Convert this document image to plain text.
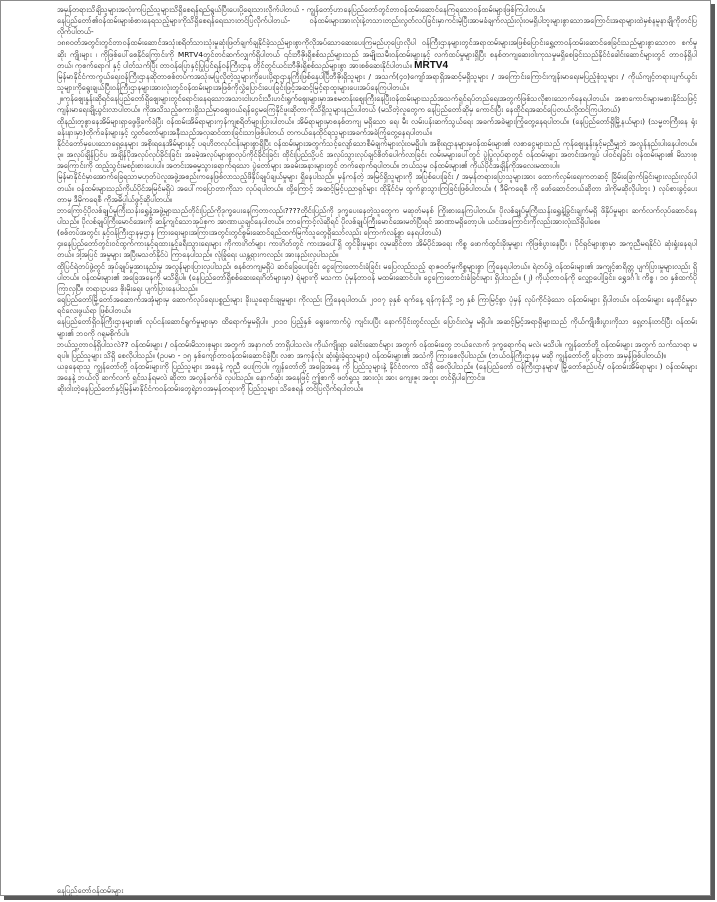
အမှန်တရားသိချိသူများအလုံးကပြည်သူများသိရှိစေရန်ရည်ရွယ်ပြီးပေးပို့ရေးသားလိုက်ပါတယ် - ကျွန်တော့်ဟာနေပြည်တော်တွင်တာဝန်ထမ်းဆောင်နေကြရသောဝန်ထမ်းများဖြစ်ကြပါတယ်။

နေပြည်တော်၏ဝန်ထမ်းများစံစားနေရသည့်များကိုသိရှိစေရန်ရေးသားတင်ပြလိုက်ပါတယ်- ဝန်ထမ်းများအားလုံးနဲ့တသားတည်းလွတ်လပ်ခြင်းမှာကင်းမဲ့ပြီးအာမခံချက်လည်းလုံးဝမရှိပါဘူးများစွာသောအကြောင်းအရာများထဲမှစံနမူနာချိုကိုတင်ပြလိုက်ပါတယ်-

၁၈၈ဝတ်အတွင်းတွင်တာဝန်ထမ်းဆောင်အသုံးစရိတ်သားသုံးမှုဆုံးဖြတ်ချက်ချနိုင်ခဲ့သည်များစွာကိုလိုအပ်သောဆေးပေးကြမည်ဟုပြောလိုပါ ဝန်ကြီးဌာနများတွင်အရာထမ်းများအဖြစ်ပြောင်းရွှေ့တာဝန်ထမ်းဆောင်စေခြင်းသည်များစွာသောတ စက်မှုဆိုး ကျိုးများ ၊ ကိုဖြစ်ပေါ်စေနိုင်ကြောင်းကို MRTV4တွင်တင်ဆက်လျှက်ရှိပါတယ် ၎င်းဘီဇိုးရှိစစ်သည်များသည် အမျိုးသမီးဝန်ထမ်းများနှင့် လက်ထပ်မှုများရှိပြီး စနစ်တကျဆေးဝါးကုသမှုမရှိစေခြင်းသည်နိုင်ငံခေါင်းဆောင်များတွင် တာဝန်ရှိပါတယ်၊ ကုစက်ရောဂါ နှင့် ပါတ်သက်ပြီး တာဝန်ပြောနှင့်ပြုပြင်ရန်ဝန်ကြီးဌာန တိုင်တွင်ယင်းဘီဇိုးရှိစစ်သည်များစွာ အားစစ်ဆေးနိုင်ပါတယ်။ MRTV4

မြန်မာနိုင်ငံကာကွယ်ရေးဝန်ကြီးဌာနဆိုတာစစ်တပ်ကအသုံးမပြုလိုတဲ့သူများကိုပေးပို့ရာဌာနကြီးဖြစ်နေပါပြီဘီဇိုးရှိသူများ / အသက်(၄၀)ကျော်အရာရှိအဆင့်မရှိသူများ / အကြောင်းကြောင်းကျန်းမာရေးမပြည့်စုံသူများ / ကိုယ်ကျင့်တရားပျက်ယွင်းသူများကိုရွေးချယ်ပြီးဝန်ကြီးဌာနများအားလုံးတွင်ဝန်ထမ်းများအဖြစ်ကိုလွှဲပြောင်းပေးခြင်းဖြင့်အဆင့်မြင့်ရာထူးများပေးအပ်နေကြပါတယ်။

၂။ကုန်ဈေးနှုန်းဆိုရင်နေပြည်တော်ရှိဈေးများတွင်ရောင်းနေရသောအသားငါးဟင်းသီးဟင်းရွက်ဈေးများမှာအစမတန်းဈေးကြီးနေပြီးဝန်ထမ်းများသည်အသက်ရှင်ရပ်တည်ရေးအတွက်ဖြစ်သလိုစားသောက်နေရပါတယ်။ အစာကောင်းများမစားနိုင်သဖြင့်ကျန်းမာရေးချို့ယွင်းလာပါတယ်။ ကိုအသိသည့်စကားရှိသည်မှာဈေးဝယ်ရန်ငွေမကြေနိုင်ဖူးဆိုတာကိုသိရှိသူများနည်းပါတယ် (မသိတဲ့လူတွေက နေပြည်တော်ဆိုမှ ကောင်းပြီး နေထိုင်ရအဆင်ပြေတယ်လို့ထင်ကြပါတယ်)

ထိုနည်းတူစွာနေအိမ်များရှာဖွေဖို့ခက်ခဲပြီး ဝန်ထမ်းအိမ်ရာများကုန်ကျစရိတ်များပြားပါတယ်။ အိမ်ရာများမှာစနစ်တကျ မရှိသော ရေ၊ မီး လမ်းပန်းဆက်သွယ်ရေး အခက်အခဲများကြုံတွေ့နေရပါတယ်။ (နေပြည်တော်ရှိမြို့နယ်များ) (သမ္မတကြီးနေ ရုံးခန်းနားမှာ)တိုက်ခန်းများနှင့် လွှတ်တော်များအနီးသည်အလှဆင်ထားခြင်းသာဖြစ်ပါတယ် တကယ်နေထိုင်ရသူများအခက်အခဲကြုံတွေ့နေရပါတယ်။

နိုင်ငံတော်မှပေးသောရှေ့နေများ အစိုးရနေအိမ်များနှင့် ပရဟိတလုပ်ငန်းများစွာရှိပြီး ဝန်ထမ်းများအတွက်သင့်လျော်သောစီမံချက်များလုံးဝမရှိပါ။ အစိုးရဌာနများမှဝန်ထမ်းများ၏ လစာငွေများသည် ကုန်ဈေးနှုန်းနှင့်မညီမျှဘဲ အလွန်နည်းပါးနေပါတယ်။ ၃။ အလုပ်ချိန်ပြင်ပ အချိန်ပိုအလုပ်လုပ်ခိုင်းခြင်း အခမဲ့အလုပ်များစွာလုပ်ကိုင်ခိုင်းခြင်း ထိုင်းပြည်သို့ပင် အလုပ်သွားလုပ်ချင်စိတ်ပေါက်လာခြင်း လမ်းမများပေါ်တွင် ပွဲပြုလုပ်ရာတွင် ဝန်ထမ်းများ အတင်းအကျပ် ပါဝင်ရခြင်း ဝန်ထမ်းများ၏ မိသားစုအကြောင်းကို ထည့်သွင်းမစဉ်းစားပေးပါ။ အတင်းအဓမ္မသွားရောက်ရသော ပွဲတော်များ အခမ်းအနားများတွင် တက်ရောက်ရပါတယ်။ ဘယ်သူမှ ဝန်ထမ်းများ၏ ကိုယ်ပိုင်အချိန်ကိုအလေးမထားပါ။

မြန်မာနိုင်ငံမှာအောက်ခြေရသာမဟုတ်ပဲလူအဖွဲ့အစည်းကနေဖြစ်လာသည့်ဖိနှိပ်ချုပ်ချယ်မှုများ ရှိနေပါသည်။ မှန်ကန်တဲ့ အမြင်ရှိသူများကို အပြစ်ပေးခြင်း / အမှန်တရားပြောသူများအား ထောက်လှမ်းရေးကတဆင့် ခြိမ်းခြောက်ခြင်းများလည်းလုပ်ပါတယ်။ ဝန်ထမ်းများသည်ကိုယ်ပိုင်အမြင်မရှိပဲ အပေါ်ကပြောတာကိုသာ လုပ်ရပါတယ်။ ထို့ကြောင့် အဆင့်မြင့်ပညာရှင်များ ထိုနိုင်ငံမှ ထွက်ခွာသွားကြခြင်းဖြစ်ပါတယ်။ ( ဒီမိုကရေစီ ကို ဖော်ဆောင်တယ်ဆိုတာ ဒါကိုမဆိုလိုပါဘူး ) လုပ်စားခွင့်ပေးတာမှ ဒီမိုကရေစီ ကိုအဓိပ္ပါယ်ဖွင့်ဆိုပါတယ်။

ဘာကြောင့်ပိုလစ်ချုပ်မှုကြီးသန်းရွှေနဲ့အဖွဲ့များသည်တိုင်းပြည်ကိုဒုက္ခပေးနေကြတာလည်း????တိုင်းပြည်ကို ဒုက္ခပေးနေတဲ့သူတွေက မဆုတ်မနစ် ကြိုးစားနေကြပါတယ်။ ပိုလစ်ချုပ်မှုကြီးသန်းရွှေနဲ့ခြွင်းချက်မရှိ ဖိနှိပ်မှုများ ဆက်လက်လုပ်ဆောင်နေပါသည်။ ပိုလစ်ချုပ်ကြီးမောင်အေးကို ဆန့်ကျင်သောအုပ်စုက အာဏာယူချင်နေပါတယ်။ ဘာကြောင့်လဲဆိုရင် ပိုလစ်ချုပ်ကြီးမောင်အေးမတ်ပြီးရင် အာဏာမရှိတော့ပါ။ ယင်းအကြောင်းကိုလည်းအားလုံးသိရှိပါစေ။

(စစ်တပ်အတွင်း နှင့်ဝန်ကြီးဌာနမှဌာန ကြားရေးများအကြားအတွင်းတွင်စွမ်းဆောင်ရည်ထက်မြက်သူတွေရှိသော်လည်း ကြောက်လန့်စွာ နေရပါတယ်)

၄။နေပြည်တော်တွင်းဝင်ထွက်ကားနှင့်ရထားနှင့်ခရီးသွားရေးများ ကိုကားဂိတ်များ ကားဂိတ်တွင် ကားအပေါ်ရှိ တွင်ခိုးမှုများ လူမဆိုင်တာ အိမ်ပိုင်အရေး ကိစ္စ ဖောက်ထွင်းခိုးမှုများ ကိုဖြစ်ပွားနေပြီး ၊ ပိုင်ရှင်များစွာမှာ အကူညီမရနိုင်ပဲ ဆုံးရှုံးနေရပါတယ်။ ဒါ့အပြင် အမှုများ အပြီးမသတ်နိုင်ပဲ ကြာနေပါသည်။ လုံခြုံရေး ယန္တရားကလည်း အားနည်းလှပါသည်။

ထိုပြင်ရဲတပ်ဖွဲ့တွင် အုပ်ချုပ်မှုအားနည်းမှု အလွန်များပြားလှပါသည်၊ စနစ်တကျမရှိပဲ ဆင်ခြေပေးခြင်း ငွေကြေးတောင်းခံခြင်း မပြေလည်သည့် ရာဇဝတ်မှုကိစ္စများစွာ ကြုံနေရပါတယ်။ ရဲတပ်ဖွဲ့ ဝန်ထမ်းများ၏ အကျင့်စာရိတ္တ ပျက်ပြားမှုများလည်း ရှိပါတယ်။ ဝန်ထမ်းများ၏ အခြေအနေကို မသိရှိပါ။ (နေပြည်တော်ရှိစစ်ဆေးရေးဂိတ်များမှာ) ရဲများကို မသကာ ပုံမှန်တာဝန် မထမ်းဆောင်ပါ။ ငွေကြေးတောင်းခံခြင်းများ ရှိပါသည်။ (၂) ကိုယ့်တာဝန်ကို လျှော့ပေါ့ခြင်း၊ ရွှေဒင်္ဂါး ကိစ္စ ၊ ၁၀ နှစ်ထက်ပို ကြာလှပြီ။ တရားဥပဒေ စိုးမိုးရေး ပျက်ပြားနေပါသည်။

ရေပြည်တော်မြို့တော်အဆောက်အအုံများမှ ဆောက်လုပ်ရေးပစ္စည်းများ ခိုးယူရောင်းချမှုများ ကိုလည်း ကြုံနေရပါတယ်၊ ၂၀၀၇ ခုနှစ် ရက်နေ့ ရန်ကုန်သို့ ၁၅ နှစ် ကြာမြင့်စွာ ပုံမှန် လုပ်ကိုင်ခဲ့သော ဝန်ထမ်းများ ရှိပါတယ်။ ဝန်ထမ်းများ နေထိုင်မှုမှာ ရင်လေးဖွယ်ရာ ဖြစ်ပါတယ်။

နေပြည်တော်ရှိဝန်ကြီးဌာနများ၏ လုပ်ငန်းဆောင်ရွက်မှုများမှာ ထိရောက်မှုမရှိပါ။ ၂၀၁၀ ပြည့်နှစ် ရွေးကောက်ပွဲ ကျင်းပပြီး နောက်ပိုင်းတွင်လည်း ပြောင်းလဲမှု မရှိပါ။ အဆင့်မြင့်အရာရှိများသည် ကိုယ်ကျိုးစီးပွားကိုသာ ရှေ့တန်းတင်ပြီး ဝန်ထမ်းများ၏ ဘဝကို ဂရုမစိုက်ပါ။

ဘယ်သူ့တာဝန်ရှိပါသလဲ?? ဝန်ထမ်းများ / ဝန်ထမ်းမိသားစုများ အတွက် အနာဂတ် ဘာရှိပါသလဲ။ ကိုယ်ကျိုးရှာ ခေါင်းဆောင်များ အတွက် ဝန်ထမ်းတွေ ဘယ်လောက် ဒုက္ခရောက်ရ မလဲ၊ မသိပါ။ ကျွန်တော်တို့ ဝန်ထမ်းများ အတွက် သက်သာရာ မရပါ။ ပြည်သူများ သိရှိ စေလိုပါသည်။ (ဥပမာ - ၁၅ နှစ်ကျော်တာဝန်ထမ်းဆောင်ခဲ့ပြီး လစာ အကုန်လုံး ဆုံးရှုံးခဲ့ရသူများ) ဝန်ထမ်းများ၏ အသံကို ကြားစေလိုပါသည်။ (ဘယ်ဝန်ကြီးဌာနမှ မဆို ကျွန်တော်တို့ ပြောတာ အမှန်ဖြစ်ပါတယ်)။

ယခုနေရာသူ ကျွန်တော်တို့ ဝန်ထမ်းများကို ပြည်သူများ အနေနဲ့ ကူညီ ပေးကြပါ။ ကျွန်တော်တို့ အခြေအနေ ကို ပြည်သူများနဲ့ နိုင်ငံတကာ သိရှိ စေလိုပါသည်။ (နေပြည်တော် ဝန်ကြီးဌာနများ/ မြို့တော်စည်ပင်/ ဝန်ထမ်းအိမ်ရာများ ) ဝန်ထမ်းများ အနေနဲ့ ဘယ်လို ဆက်လက် ရှင်သန်ရမလဲ ဆိုတာ အလွန်ခက်ခဲ လှပါသည်။ နောက်ဆုံး အနေဖြင့် ဤစာကို ဖတ်ရှုသူ အားလုံး အား ကျေးဇူး အထူး တင်ရှိပါကြောင်း။

ဆိုးဝါးတဲ့နေပြည်တော်နှင့်မြန်မာနိုင်ငံကဝန်ထမ်းတွေရဲ့ဘဝအမှန်တရားကို ပြည်သူများ သိစေရန် တင်ပြလိုက်ရပါတယ်။

နေပြည်တော်ဝန်ထမ်းများ
